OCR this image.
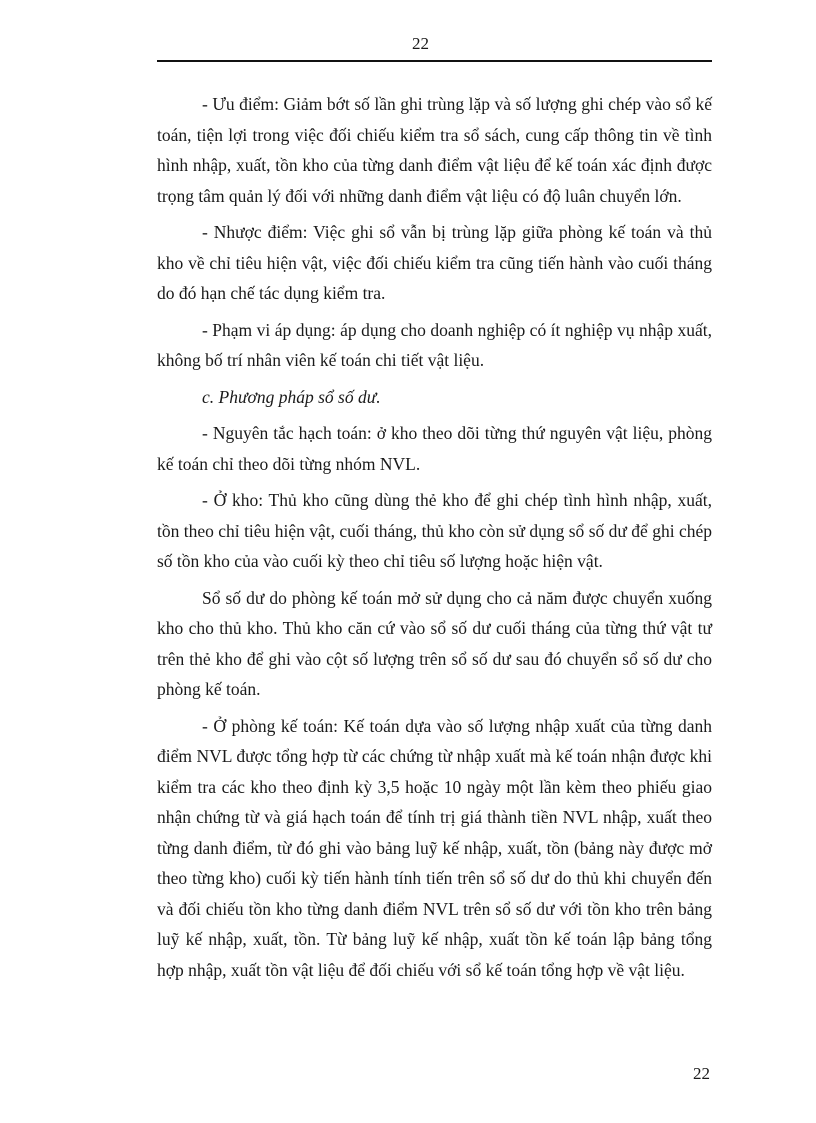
22

- Ưu điểm: Giảm bớt số lần ghi trùng lặp và số lượng ghi chép vào sổ kế toán, tiện lợi trong việc đối chiếu kiểm tra sổ sách, cung cấp thông tin về tình hình nhập, xuất, tồn kho của từng danh điểm vật liệu để kế toán xác định được trọng tâm quản lý đối với những danh điểm vật liệu có độ luân chuyển lớn.

- Nhược điểm: Việc ghi sổ vẫn bị trùng lặp giữa phòng kế toán và thủ kho về chỉ tiêu hiện vật, việc đối chiếu kiểm tra cũng tiến hành vào cuối tháng do đó hạn chế tác dụng kiểm tra.

- Phạm vi áp dụng: áp dụng cho doanh nghiệp có ít nghiệp vụ nhập xuất, không bố trí nhân viên kế toán chi tiết vật liệu.

c. Phương pháp sổ số dư.

- Nguyên tắc hạch toán: ở kho theo dõi từng thứ nguyên vật liệu, phòng kế toán chỉ theo dõi từng nhóm NVL.

- Ở kho: Thủ kho cũng dùng thẻ kho để ghi chép tình hình nhập, xuất, tồn theo chỉ tiêu hiện vật, cuối tháng, thủ kho còn sử dụng sổ số dư để ghi chép số tồn kho của vào cuối kỳ theo chỉ tiêu số lượng hoặc hiện vật.

Sổ số dư do phòng kế toán mở sử dụng cho cả năm được chuyển xuống kho cho thủ kho. Thủ kho căn cứ vào sổ số dư cuối tháng của từng thứ vật tư trên thẻ kho để ghi vào cột số lượng trên sổ số dư sau đó chuyển sổ số dư cho phòng kế toán.

- Ở phòng kế toán: Kế toán dựa vào số lượng nhập xuất của từng danh điểm NVL được tổng hợp từ các chứng từ nhập xuất mà kế toán nhận được khi kiểm tra các kho theo định kỳ 3,5 hoặc 10 ngày một lần kèm theo phiếu giao nhận chứng từ và giá hạch toán để tính trị giá thành tiền NVL nhập, xuất theo từng danh điểm, từ đó ghi vào bảng luỹ kế nhập, xuất, tồn (bảng này được mở theo từng kho) cuối kỳ tiến hành tính tiến trên sổ số dư do thủ khi chuyển đến và đối chiếu tồn kho từng danh điểm NVL trên sổ số dư với tồn kho trên bảng luỹ kế nhập, xuất, tồn. Từ bảng luỹ kế nhập, xuất tồn kế toán lập bảng tổng hợp nhập, xuất tồn vật liệu để đối chiếu với sổ kế toán tổng hợp về vật liệu.

22
